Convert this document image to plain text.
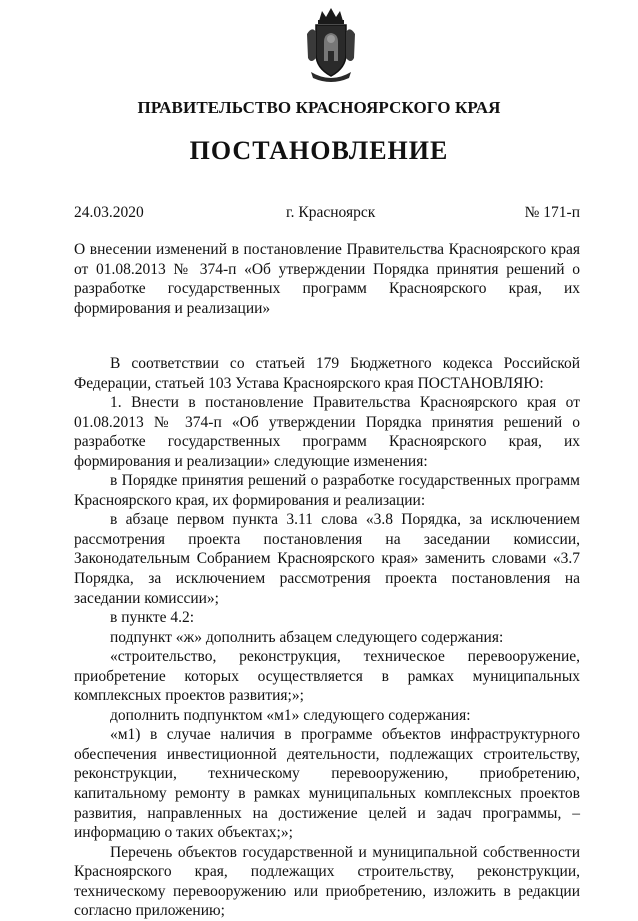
ПРАВИТЕЛЬСТВО КРАСНОЯРСКОГО КРАЯ
ПОСТАНОВЛЕНИЕ
24.03.2020	г. Красноярск	№ 171-п
О внесении изменений в постановление Правительства Красноярского края от 01.08.2013 № 374-п «Об утверждении Порядка принятия решений о разработке государственных программ Красноярского края, их формирования и реализации»

В соответствии со статьей 179 Бюджетного кодекса Российской Федерации, статьей 103 Устава Красноярского края ПОСТАНОВЛЯЮ:

1. Внести в постановление Правительства Красноярского края от 01.08.2013 № 374-п «Об утверждении Порядка принятия решений о разработке государственных программ Красноярского края, их формирования и реализации» следующие изменения:

в Порядке принятия решений о разработке государственных программ Красноярского края, их формирования и реализации:

в абзаце первом пункта 3.11 слова «3.8 Порядка, за исключением рассмотрения проекта постановления на заседании комиссии, Законодательным Собранием Красноярского края» заменить словами «3.7 Порядка, за исключением рассмотрения проекта постановления на заседании комиссии»;

в пункте 4.2:

подпункт «ж» дополнить абзацем следующего содержания:

«строительство, реконструкция, техническое перевооружение, приобретение которых осуществляется в рамках муниципальных комплексных проектов развития;»;

дополнить подпунктом «м1» следующего содержания:

«м1) в случае наличия в программе объектов инфраструктурного обеспечения инвестиционной деятельности, подлежащих строительству, реконструкции, техническому перевооружению, приобретению, капитальному ремонту в рамках муниципальных комплексных проектов развития, направленных на достижение целей и задач программы, – информацию о таких объектах;»;

Перечень объектов государственной и муниципальной собственности Красноярского края, подлежащих строительству, реконструкции, техническому перевооружению или приобретению, изложить в редакции согласно приложению;
